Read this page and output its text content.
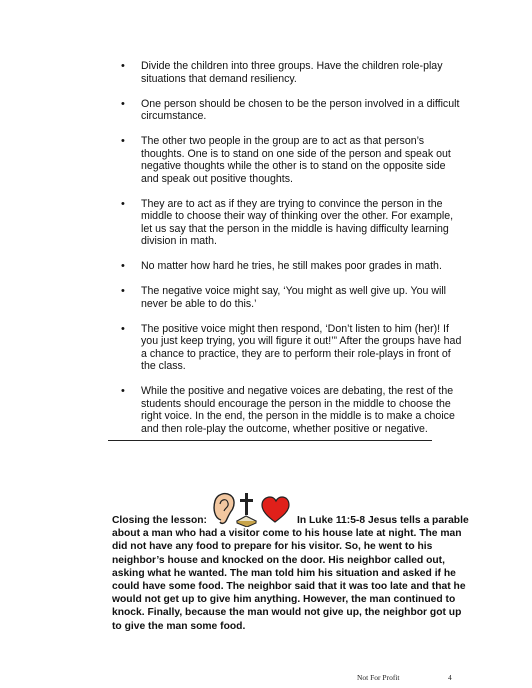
• Divide the children into three groups. Have the children role-play situations that demand resiliency.
• One person should be chosen to be the person involved in a difficult circumstance.
• The other two people in the group are to act as that person’s thoughts. One is to stand on one side of the person and speak out negative thoughts while the other is to stand on the opposite side and speak out positive thoughts.
• They are to act as if they are trying to convince the person in the middle to choose their way of thinking over the other. For example, let us say that the person in the middle is having difficulty learning division in math.
• No matter how hard he tries, he still makes poor grades in math.
• The negative voice might say, ‘You might as well give up. You will never be able to do this.’
• The positive voice might then respond, ‘Don’t listen to him (her)! If you just keep trying, you will figure it out!’” After the groups have had a chance to practice, they are to perform their role-plays in front of the class.
• While the positive and negative voices are debating, the rest of the students should encourage the person in the middle to choose the right voice. In the end, the person in the middle is to make a choice and then role-play the outcome, whether positive or negative.

Closing the lesson:	In Luke 11:5-8 Jesus tells a parable about a man who had a visitor come to his house late at night. The man did not have any food to prepare for his visitor. So, he went to his neighbor’s house and knocked on the door. His neighbor called out, asking what he wanted. The man told him his situation and asked if he could have some food. The neighbor said that it was too late and that he would not get up to give him anything. However, the man continued to knock. Finally, because the man would not give up, the neighbor got up to give the man some food.

Not For Profit	4
